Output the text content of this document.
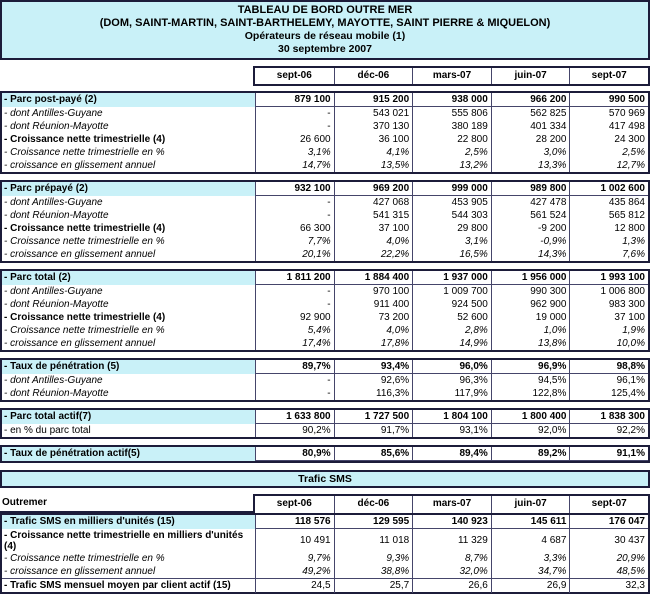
TABLEAU DE BORD OUTRE MER
(DOM, SAINT-MARTIN, SAINT-BARTHELEMY, MAYOTTE, SAINT PIERRE & MIQUELON)
Opérateurs de réseau mobile (1)
30 septembre 2007
sept-06	déc-06	mars-07	juin-07	sept-07
- Parc post-payé (2)	879 100	915 200	938 000	966 200	990 500
- dont Antilles-Guyane	-	543 021	555 806	562 825	570 969
- dont Réunion-Mayotte	-	370 130	380 189	401 334	417 498
- Croissance nette trimestrielle (4)	26 600	36 100	22 800	28 200	24 300
- Croissance nette trimestrielle en %	3,1%	4,1%	2,5%	3,0%	2,5%
- croissance en glissement annuel	14,7%	13,5%	13,2%	13,3%	12,7%
- Parc prépayé (2)	932 100	969 200	999 000	989 800	1 002 600
- dont Antilles-Guyane	-	427 068	453 905	427 478	435 864
- dont Réunion-Mayotte	-	541 315	544 303	561 524	565 812
- Croissance nette trimestrielle (4)	66 300	37 100	29 800	-9 200	12 800
- Croissance nette trimestrielle en %	7,7%	4,0%	3,1%	-0,9%	1,3%
- croissance en glissement annuel	20,1%	22,2%	16,5%	14,3%	7,6%
- Parc total (2)	1 811 200	1 884 400	1 937 000	1 956 000	1 993 100
- dont Antilles-Guyane	-	970 100	1 009 700	990 300	1 006 800
- dont Réunion-Mayotte	-	911 400	924 500	962 900	983 300
- Croissance nette trimestrielle (4)	92 900	73 200	52 600	19 000	37 100
- Croissance nette trimestrielle en %	5,4%	4,0%	2,8%	1,0%	1,9%
- croissance en glissement annuel	17,4%	17,8%	14,9%	13,8%	10,0%
- Taux de pénétration (5)	89,7%	93,4%	96,0%	96,9%	98,8%
- dont Antilles-Guyane	-	92,6%	96,3%	94,5%	96,1%
- dont Réunion-Mayotte	-	116,3%	117,9%	122,8%	125,4%
- Parc total actif(7)	1 633 800	1 727 500	1 804 100	1 800 400	1 838 300
- en % du parc total	90,2%	91,7%	93,1%	92,0%	92,2%
- Taux de pénétration actif(5)	80,9%	85,6%	89,4%	89,2%	91,1%
Trafic SMS
Outremer	sept-06	déc-06	mars-07	juin-07	sept-07
- Trafic SMS en milliers d'unités (15)	118 576	129 595	140 923	145 611	176 047
- Croissance nette trimestrielle en milliers d'unités (4)	10 491	11 018	11 329	4 687	30 437
- Croissance nette trimestrielle en %	9,7%	9,3%	8,7%	3,3%	20,9%
- croissance en glissement annuel	49,2%	38,8%	32,0%	34,7%	48,5%
- Trafic SMS mensuel moyen par client actif (15)	24,5	25,7	26,6	26,9	32,3
